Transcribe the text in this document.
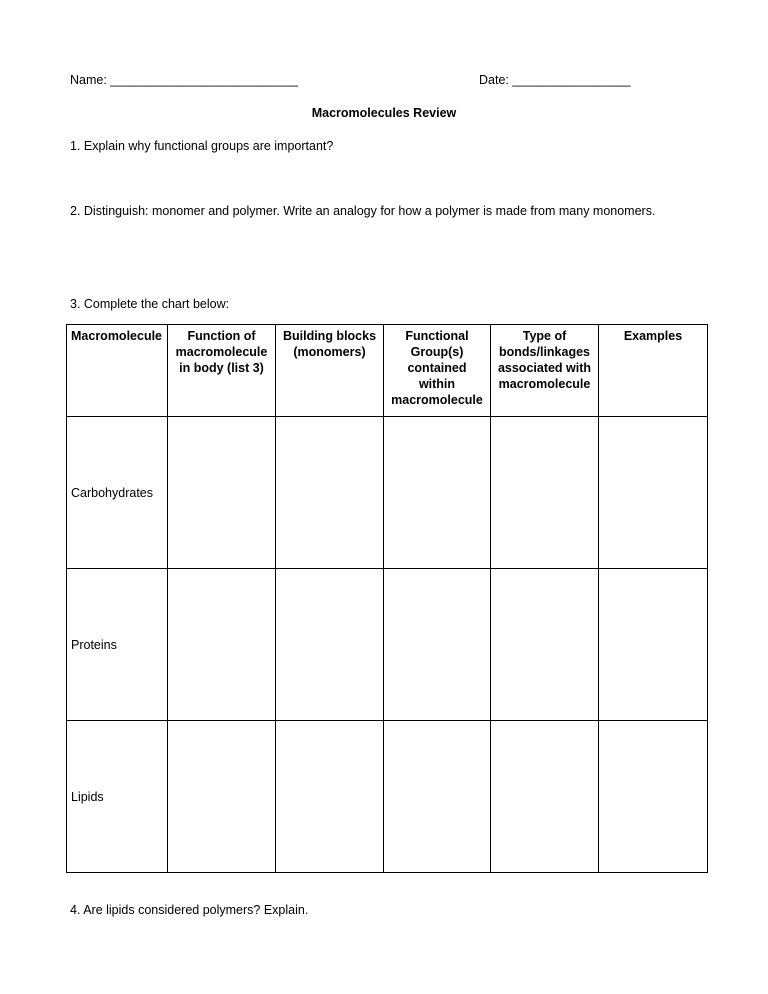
Name: ___________________________	Date: _________________
Macromolecules Review
1. Explain why functional groups are important?
2. Distinguish: monomer and polymer. Write an analogy for how a polymer is made from many monomers.
3. Complete the chart below:
Macromolecule	Function of macromolecule in body (list 3)	Building blocks (monomers)	Functional Group(s) contained within macromolecule	Type of bonds/linkages associated with macromolecule	Examples
Carbohydrates					
Proteins					
Lipids					
4. Are lipids considered polymers? Explain.
